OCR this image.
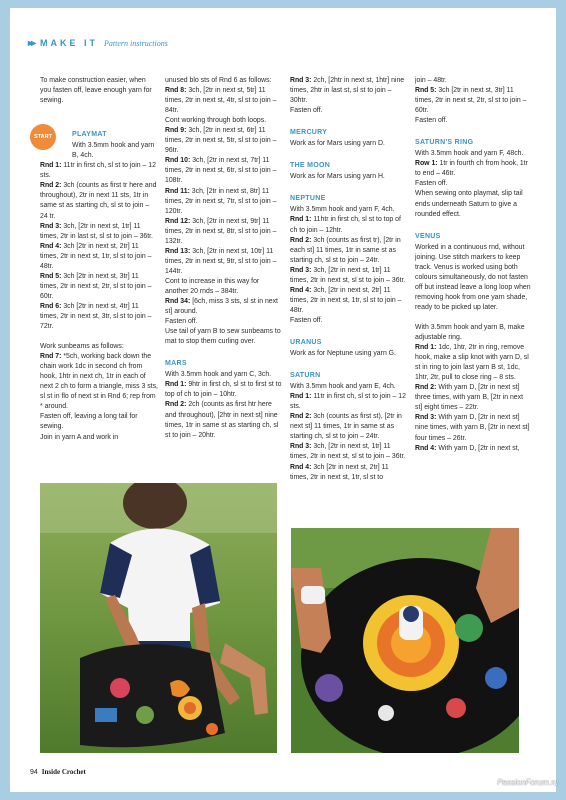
▸▸ MAKE IT Pattern instructions
START

To make construction easier, when you fasten off, leave enough yarn for sewing.

PLAYMAT

With 3.5mm hook and yarn B, 4ch.

Rnd 1: 11tr in first ch, sl st to join – 12 sts.

Rnd 2: 3ch (counts as first tr here and throughout), 2tr in next 11 sts, 1tr in same st as starting ch, sl st to join – 24 tr.

Rnd 3: 3ch, [2tr in next st, 1tr] 11 times, 2tr in last st, sl st to join – 36tr.

Rnd 4: 3ch [2tr in next st, 2tr] 11 times, 2tr in next st, 1tr, sl st to join – 48tr.

Rnd 5: 3ch [2tr in next st, 3tr] 11 times, 2tr in next st, 2tr, sl st to join – 60tr.

Rnd 6: 3ch [2tr in next st, 4tr] 11 times, 2tr in next st, 3tr, sl st to join – 72tr.

Work sunbeams as follows:

Rnd 7: *5ch, working back down the chain work 1dc in second ch from hook, 1htr in next ch, 1tr in each of next 2 ch to form a triangle, miss 3 sts, sl st in flo of next st in Rnd 6; rep from * around.

Fasten off, leaving a long tail for sewing.

Join in yarn A and work in

unused blo sts of Rnd 6 as follows:

Rnd 8: 3ch, [2tr in next st, 5tr] 11 times, 2tr in next st, 4tr, sl st to join – 84tr.

Cont working through both loops.

Rnd 9: 3ch, [2tr in next st, 6tr] 11 times, 2tr in next st, 5tr, sl st to join – 96tr.

Rnd 10: 3ch, [2tr in next st, 7tr] 11 times, 2tr in next st, 6tr, sl st to join – 108tr.

Rnd 11: 3ch, [2tr in next st, 8tr] 11 times, 2tr in next st, 7tr, sl st to join – 120tr.

Rnd 12: 3ch, [2tr in next st, 9tr] 11 times, 2tr in next st, 8tr, sl st to join – 132tr.

Rnd 13: 3ch, [2tr in next st, 10tr] 11 times, 2tr in next st, 9tr, sl st to join – 144tr.

Cont to increase in this way for another 20 rnds – 384tr.

Rnd 34: [6ch, miss 3 sts, sl st in next st] around.

Fasten off.

Use tail of yarn B to sew sunbeams to mat to stop them curling over.

MARS

With 3.5mm hook and yarn C, 3ch.

Rnd 1: 9htr in first ch, sl st to first st to top of ch to join – 10htr.

Rnd 2: 2ch (counts as first htr here and throughout), [2htr in next st] nine times, 1tr in same st as starting ch, sl st to join – 20htr.

Rnd 3: 2ch, [2htr in next st, 1htr] nine times, 2htr in last st, sl st to join – 30htr.

Fasten off.

MERCURY

Work as for Mars using yarn D.

THE MOON

Work as for Mars using yarn H.

NEPTUNE

With 3.5mm hook and yarn F, 4ch.

Rnd 1: 11htr in first ch, sl st to top of ch to join – 12htr.

Rnd 2: 3ch (counts as first tr), [2tr in each st] 11 times, 1tr in same st as starting ch, sl st to join – 24tr.

Rnd 3: 3ch, [2tr in next st, 1tr] 11 times, 2tr in next st, sl st to join – 36tr.

Rnd 4: 3ch, [2tr in next st, 2tr] 11 times, 2tr in next st, 1tr, sl st to join – 48tr.

Fasten off.

URANUS

Work as for Neptune using yarn G.

SATURN

With 3.5mm hook and yarn E, 4ch.

Rnd 1: 11tr in first ch, sl st to join – 12 sts.

Rnd 2: 3ch (counts as first st), [2tr in next st] 11 times, 1tr in same st as starting ch, sl st to join – 24tr.

Rnd 3: 3ch, [2tr in next st, 1tr] 11 times, 2tr in next st, sl st to join – 36tr.

Rnd 4: 3ch [2tr in next st, 2tr] 11 times, 2tr in next st, 1tr, sl st to

join – 48tr.

Rnd 5: 3ch [2tr in next st, 3tr] 11 times, 2tr in next st, 2tr, sl st to join – 60tr.

Fasten off.

SATURN'S RING

With 3.5mm hook and yarn F, 48ch.

Row 1: 1tr in fourth ch from hook, 1tr to end – 46tr.

Fasten off.

When sewing onto playmat, slip tail ends underneath Saturn to give a rounded effect.

VENUS

Worked in a continuous rnd, without joining. Use stitch markers to keep track. Venus is worked using both colours simultaneously, do not fasten off but instead leave a long loop when removing hook from one yarn shade, ready to be picked up later.

With 3.5mm hook and yarn B, make adjustable ring.

Rnd 1: 1dc, 1htr, 2tr in ring, remove hook, make a slip knot with yarn D, sl st in ring to join last yarn B st, 1dc, 1htr, 2tr, pull to close ring – 8 sts.

Rnd 2: With yarn D, [2tr in next st] three times, with yarn B, [2tr in next st] eight times – 22tr.

Rnd 3: With yarn D, [2tr in next st] nine times, with yarn B, [2tr in next st] four times – 26tr.

Rnd 4: With yarn D, [2tr in next st,

94 Inside Crochet
PassionForum.ru
